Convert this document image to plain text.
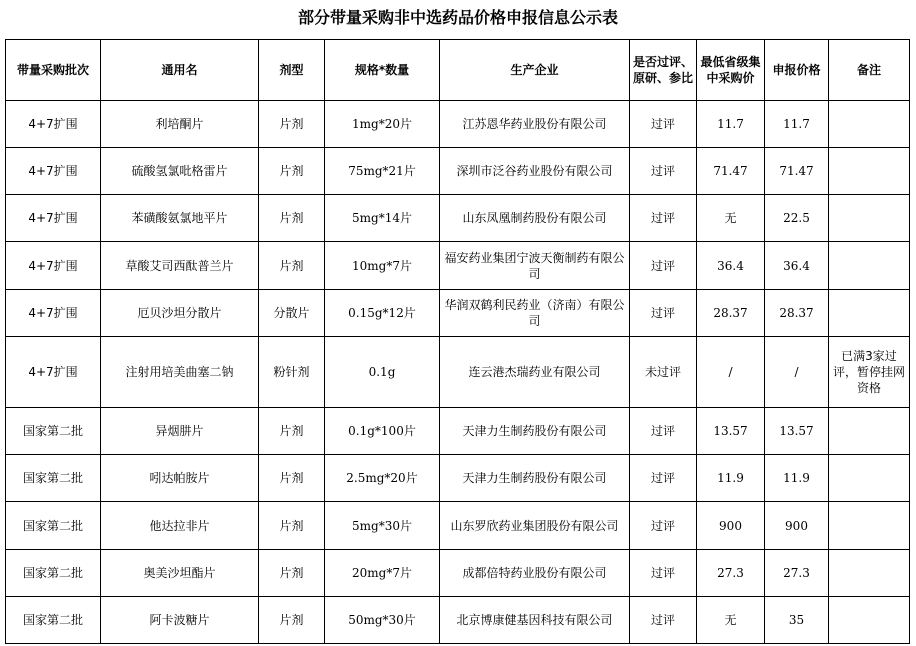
部分带量采购非中选药品价格申报信息公示表
带量采购批次	通用名	剂型	规格*数量	生产企业	是否过评、原研、参比	最低省级集中采购价	申报价格	备注
4+7扩围	利培酮片	片剂	1mg*20片	江苏恩华药业股份有限公司	过评	11.7	11.7	
4+7扩围	硫酸氢氯吡格雷片	片剂	75mg*21片	深圳市泛谷药业股份有限公司	过评	71.47	71.47	
4+7扩围	苯磺酸氨氯地平片	片剂	5mg*14片	山东凤凰制药股份有限公司	过评	无	22.5	
4+7扩围	草酸艾司西酞普兰片	片剂	10mg*7片	福安药业集团宁波天衡制药有限公司	过评	36.4	36.4	
4+7扩围	厄贝沙坦分散片	分散片	0.15g*12片	华润双鹤利民药业（济南）有限公司	过评	28.37	28.37	
4+7扩围	注射用培美曲塞二钠	粉针剂	0.1g	连云港杰瑞药业有限公司	未过评	/	/	已满3家过评，暂停挂网资格
国家第二批	异烟肼片	片剂	0.1g*100片	天津力生制药股份有限公司	过评	13.57	13.57	
国家第二批	吲达帕胺片	片剂	2.5mg*20片	天津力生制药股份有限公司	过评	11.9	11.9	
国家第二批	他达拉非片	片剂	5mg*30片	山东罗欣药业集团股份有限公司	过评	900	900	
国家第二批	奥美沙坦酯片	片剂	20mg*7片	成都倍特药业股份有限公司	过评	27.3	27.3	
国家第二批	阿卡波糖片	片剂	50mg*30片	北京博康健基因科技有限公司	过评	无	35	
